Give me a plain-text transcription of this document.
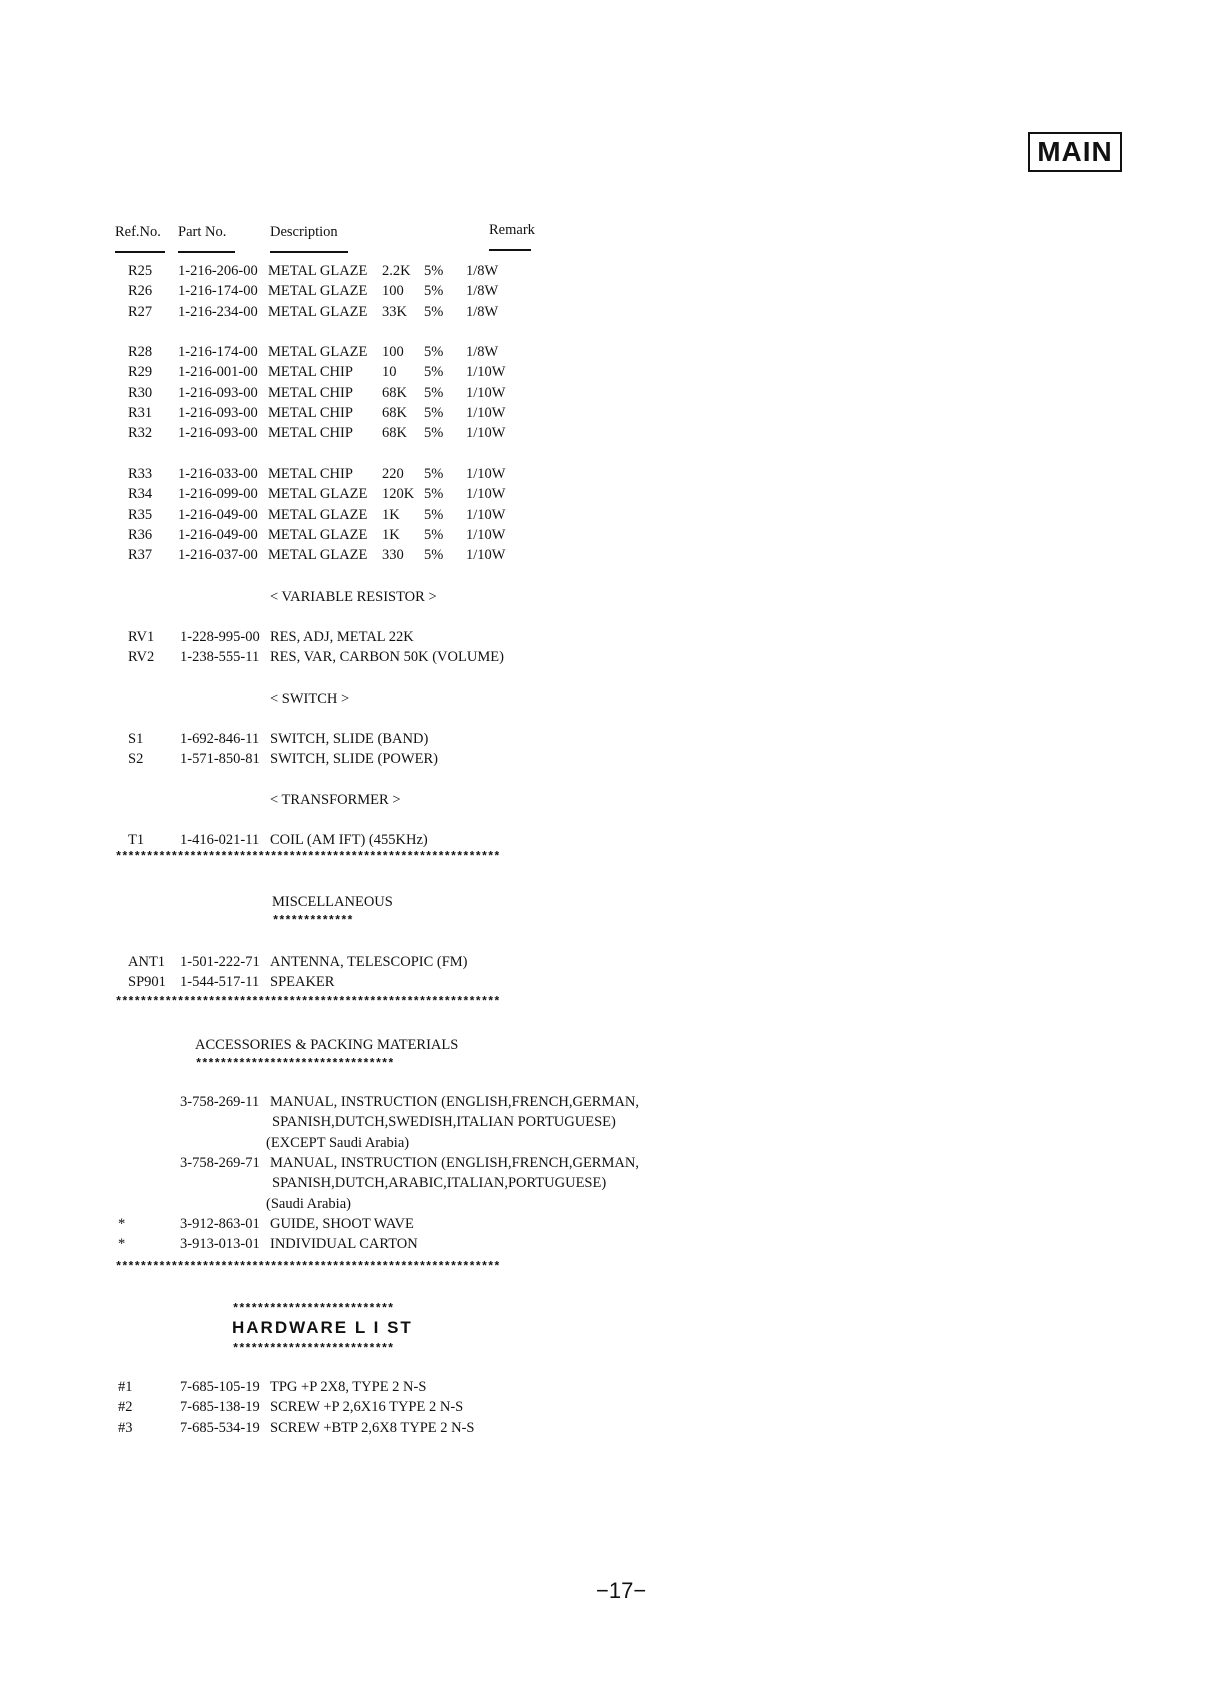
MAIN
Ref.No. Part No.	Description	Remark
R25 1-216-206-00 METAL GLAZE 2.2K 5% 1/8W
R26 1-216-174-00 METAL GLAZE 100 5% 1/8W
R27 1-216-234-00 METAL GLAZE 33K 5% 1/8W
R28 1-216-174-00 METAL GLAZE 100 5% 1/8W
R29 1-216-001-00 METAL CHIP 10 5% 1/10W
R30 1-216-093-00 METAL CHIP 68K 5% 1/10W
R31 1-216-093-00 METAL CHIP 68K 5% 1/10W
R32 1-216-093-00 METAL CHIP 68K 5% 1/10W
R33 1-216-033-00 METAL CHIP 220 5% 1/10W
R34 1-216-099-00 METAL GLAZE 120K 5% 1/10W
R35 1-216-049-00 METAL GLAZE 1K 5% 1/10W
R36 1-216-049-00 METAL GLAZE 1K 5% 1/10W
R37 1-216-037-00 METAL GLAZE 330 5% 1/10W
< VARIABLE RESISTOR >
RV1 1-228-995-00 RES, ADJ, METAL 22K
RV2 1-238-555-11 RES, VAR, CARBON 50K (VOLUME)
< SWITCH >
S1	1-692-846-11 SWITCH, SLIDE (BAND)
S2	1-571-850-81 SWITCH, SLIDE (POWER)
< TRANSFORMER >
T1 1-416-021-11 COIL (AM IFT) (455KHz)
**************************************************************
MISCELLANEOUS
*************
ANT1 1-501-222-71 ANTENNA, TELESCOPIC (FM)
SP901 1-544-517-11 SPEAKER
**************************************************************
ACCESSORIES & PACKING MATERIALS
********************************
3-758-269-11 MANUAL, INSTRUCTION (ENGLISH,FRENCH,GERMAN,
SPANISH,DUTCH,SWEDISH,ITALIAN PORTUGUESE)
(EXCEPT Saudi Arabia)
3-758-269-71 MANUAL, INSTRUCTION (ENGLISH,FRENCH,GERMAN,
SPANISH,DUTCH,ARABIC,ITALIAN,PORTUGUESE)
(Saudi Arabia)
*	3-912-863-01 GUIDE, SHOOT WAVE
*	3-913-013-01 INDIVIDUAL CARTON
**************************************************************
**************************
HARDWARE L I ST
**************************
#1	7-685-105-19 TPG +P 2X8, TYPE 2 N-S
#2	7-685-138-19 SCREW +P 2,6X16 TYPE 2 N-S
#3	7-685-534-19 SCREW +BTP 2,6X8 TYPE 2 N-S
−17−
